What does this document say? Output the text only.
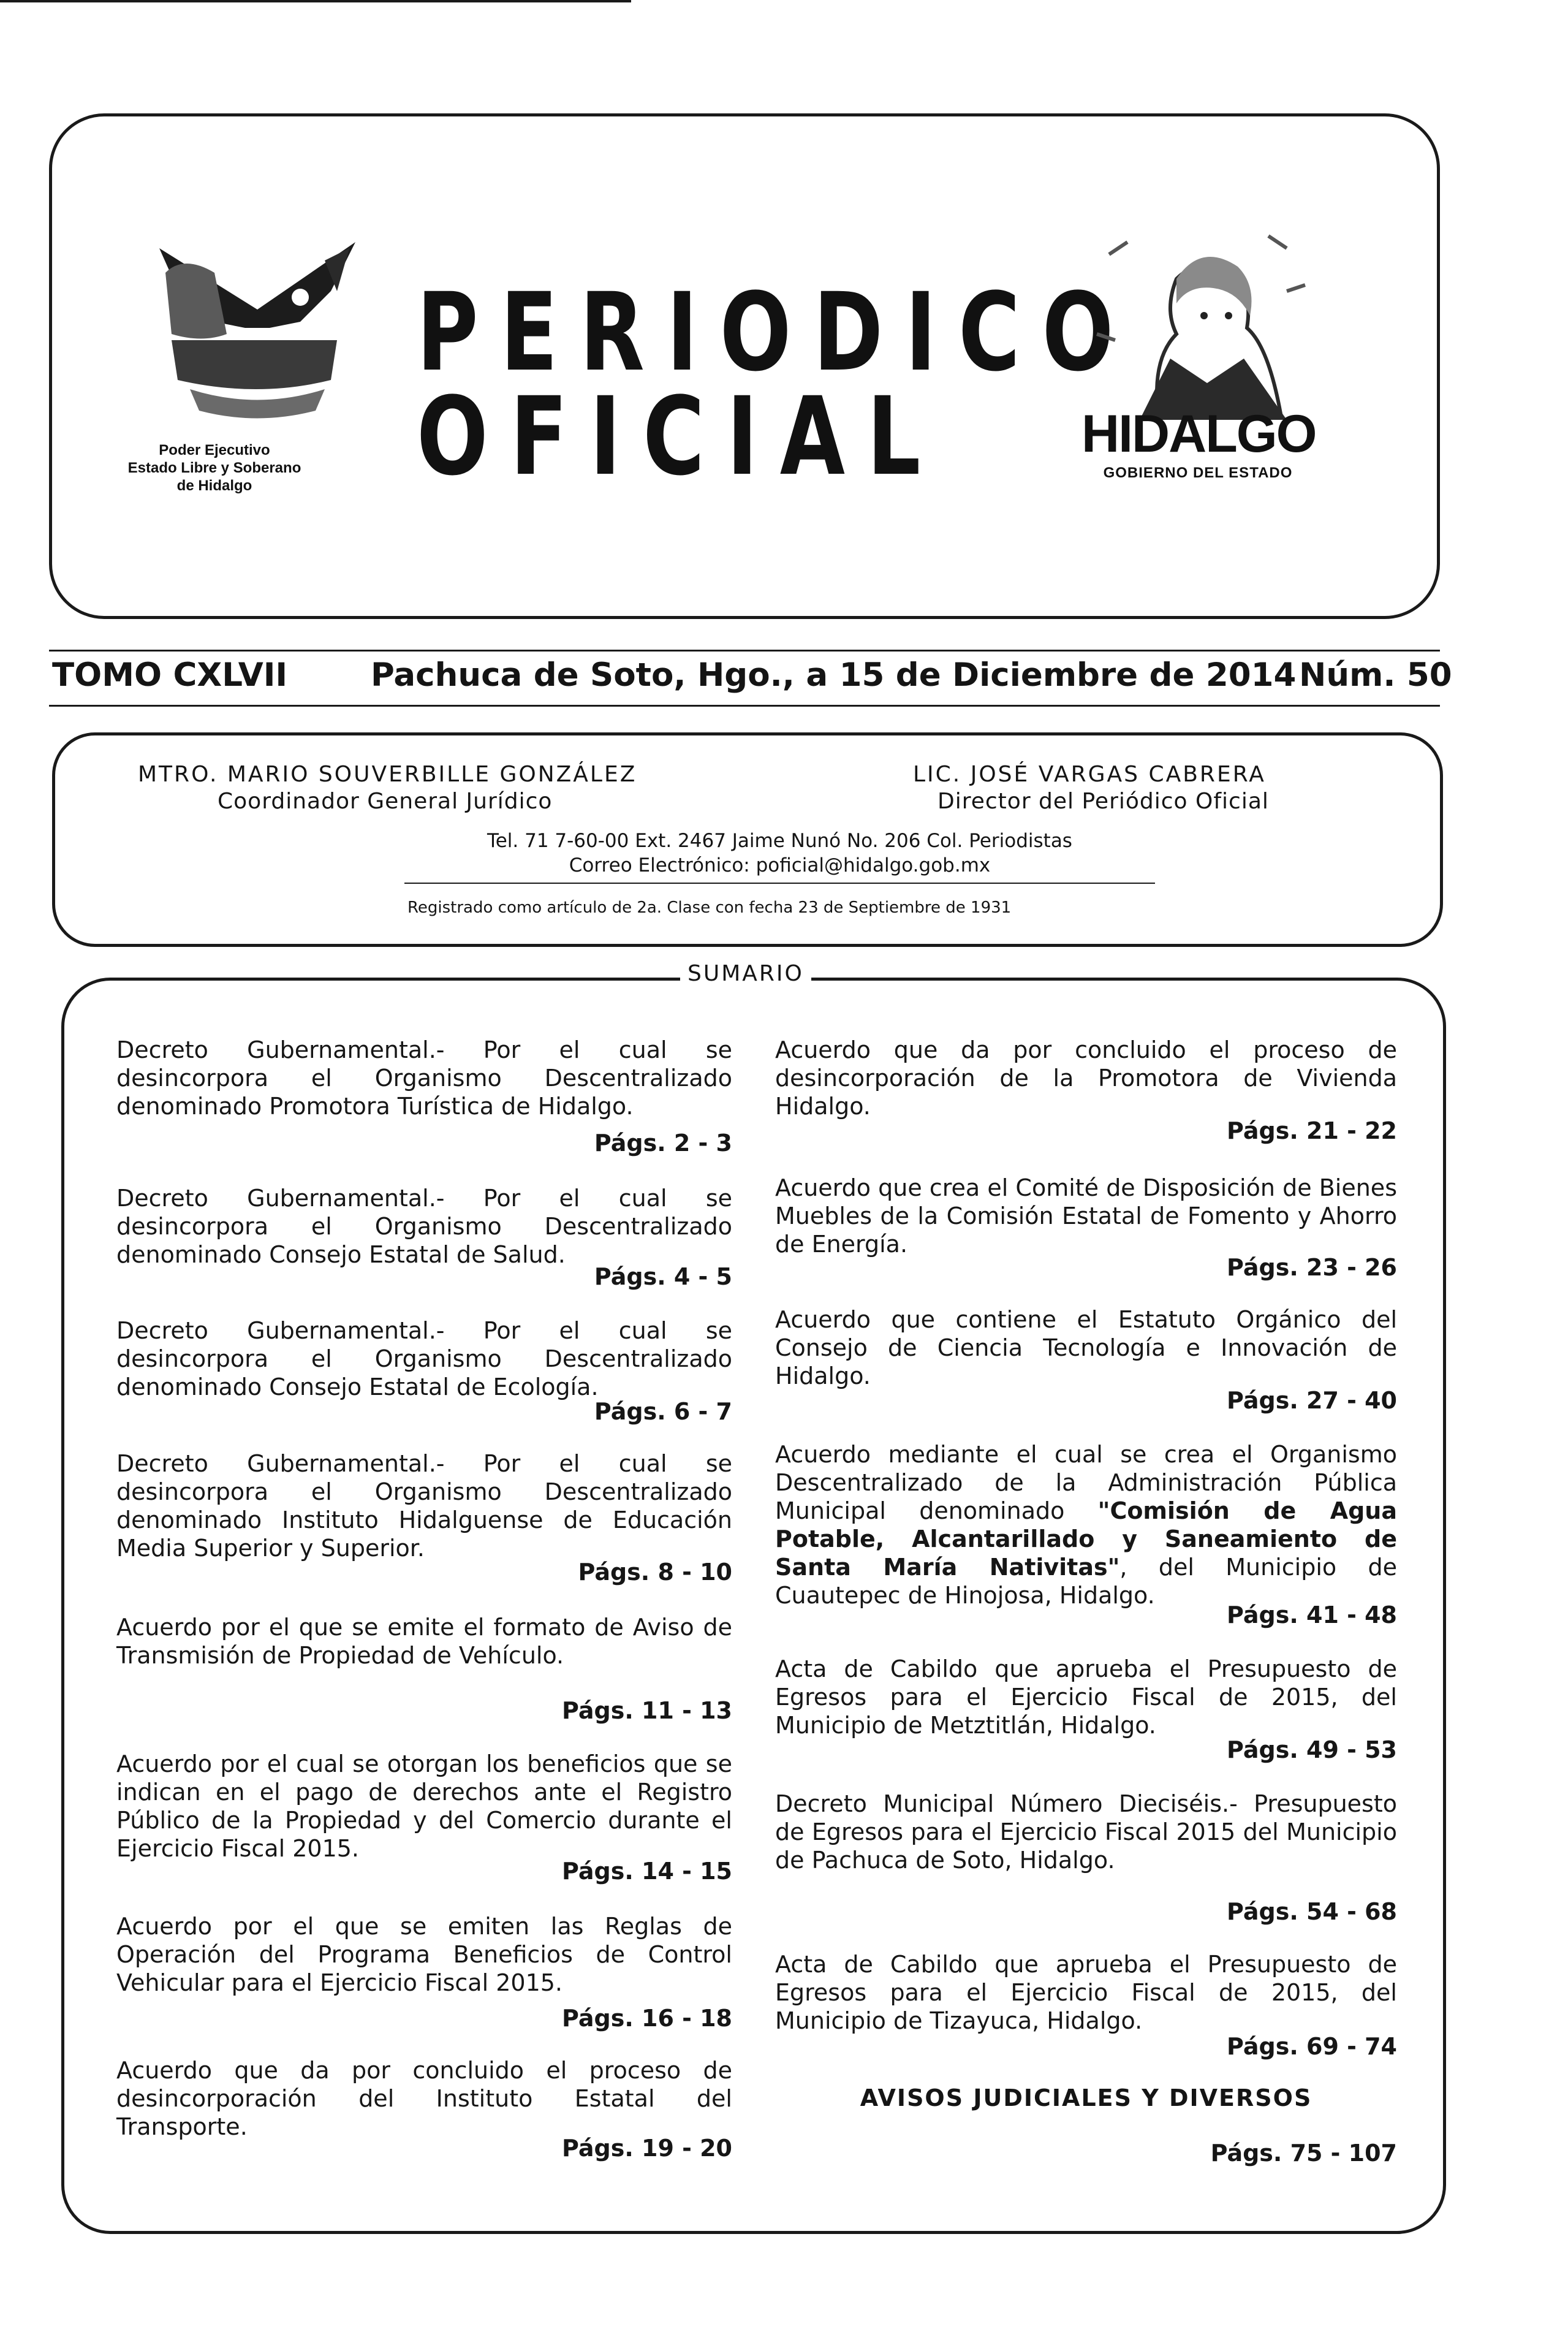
Poder Ejecutivo
Estado Libre y Soberano
de Hidalgo
PERIODICO
OFICIAL	HIDALGO
GOBIERNO DEL ESTADO
TOMO CXLVII	Pachuca de Soto, Hgo., a 15 de Diciembre de 2014 Núm. 50
MTRO. MARIO SOUVERBILLE GONZÁLEZ
Coordinador General Jurídico
LIC. JOSÉ VARGAS CABRERA
Director del Periódico Oficial
Tel. 71 7-60-00 Ext. 2467 Jaime Nunó No. 206 Col. Periodistas
Correo Electrónico: poficial@hidalgo.gob.mx
Registrado como artículo de 2a. Clase con fecha 23 de Septiembre de 1931
SUMARIO
Decreto Gubernamental.- Por el cual se desincorpora el Organismo Descentralizado denominado Promotora Turística de Hidalgo.
Págs. 2 - 3
Decreto Gubernamental.- Por el cual se desincorpora el Organismo Descentralizado denominado Consejo Estatal de Salud.
Págs. 4 - 5
Decreto Gubernamental.- Por el cual se desincorpora el Organismo Descentralizado denominado Consejo Estatal de Ecología.
Págs. 6 - 7
Decreto Gubernamental.- Por el cual se desincorpora el Organismo Descentralizado denominado Instituto Hidalguense de Educación Media Superior y Superior.
Págs. 8 - 10
Acuerdo por el que se emite el formato de Aviso de Transmisión de Propiedad de Vehículo.
Págs. 11 - 13
Acuerdo por el cual se otorgan los beneficios que se indican en el pago de derechos ante el Registro Público de la Propiedad y del Comercio durante el Ejercicio Fiscal 2015.
Págs. 14 - 15
Acuerdo por el que se emiten las Reglas de Operación del Programa Beneficios de Control Vehicular para el Ejercicio Fiscal 2015.
Págs. 16 - 18
Acuerdo que da por concluido el proceso de desincorporación del Instituto Estatal del Transporte.
Págs. 19 - 20
Acuerdo que da por concluido el proceso de desincorporación de la Promotora de Vivienda Hidalgo.
Págs. 21 - 22
Acuerdo que crea el Comité de Disposición de Bienes Muebles de la Comisión Estatal de Fomento y Ahorro de Energía.
Págs. 23 - 26
Acuerdo que contiene el Estatuto Orgánico del Consejo de Ciencia Tecnología e Innovación de Hidalgo.
Págs. 27 - 40
Acuerdo mediante el cual se crea el Organismo Descentralizado de la Administración Pública Municipal denominado "Comisión de Agua Potable, Alcantarillado y Saneamiento de Santa María Nativitas", del Municipio de Cuautepec de Hinojosa, Hidalgo.
Págs. 41 - 48
Acta de Cabildo que aprueba el Presupuesto de Egresos para el Ejercicio Fiscal de 2015, del Municipio de Metztitlán, Hidalgo.
Págs. 49 - 53
Decreto Municipal Número Dieciséis.- Presupuesto de Egresos para el Ejercicio Fiscal 2015 del Municipio de Pachuca de Soto, Hidalgo.
Págs. 54 - 68
Acta de Cabildo que aprueba el Presupuesto de Egresos para el Ejercicio Fiscal de 2015, del Municipio de Tizayuca, Hidalgo.
Págs. 69 - 74
AVISOS JUDICIALES Y DIVERSOS
Págs. 75 - 107
